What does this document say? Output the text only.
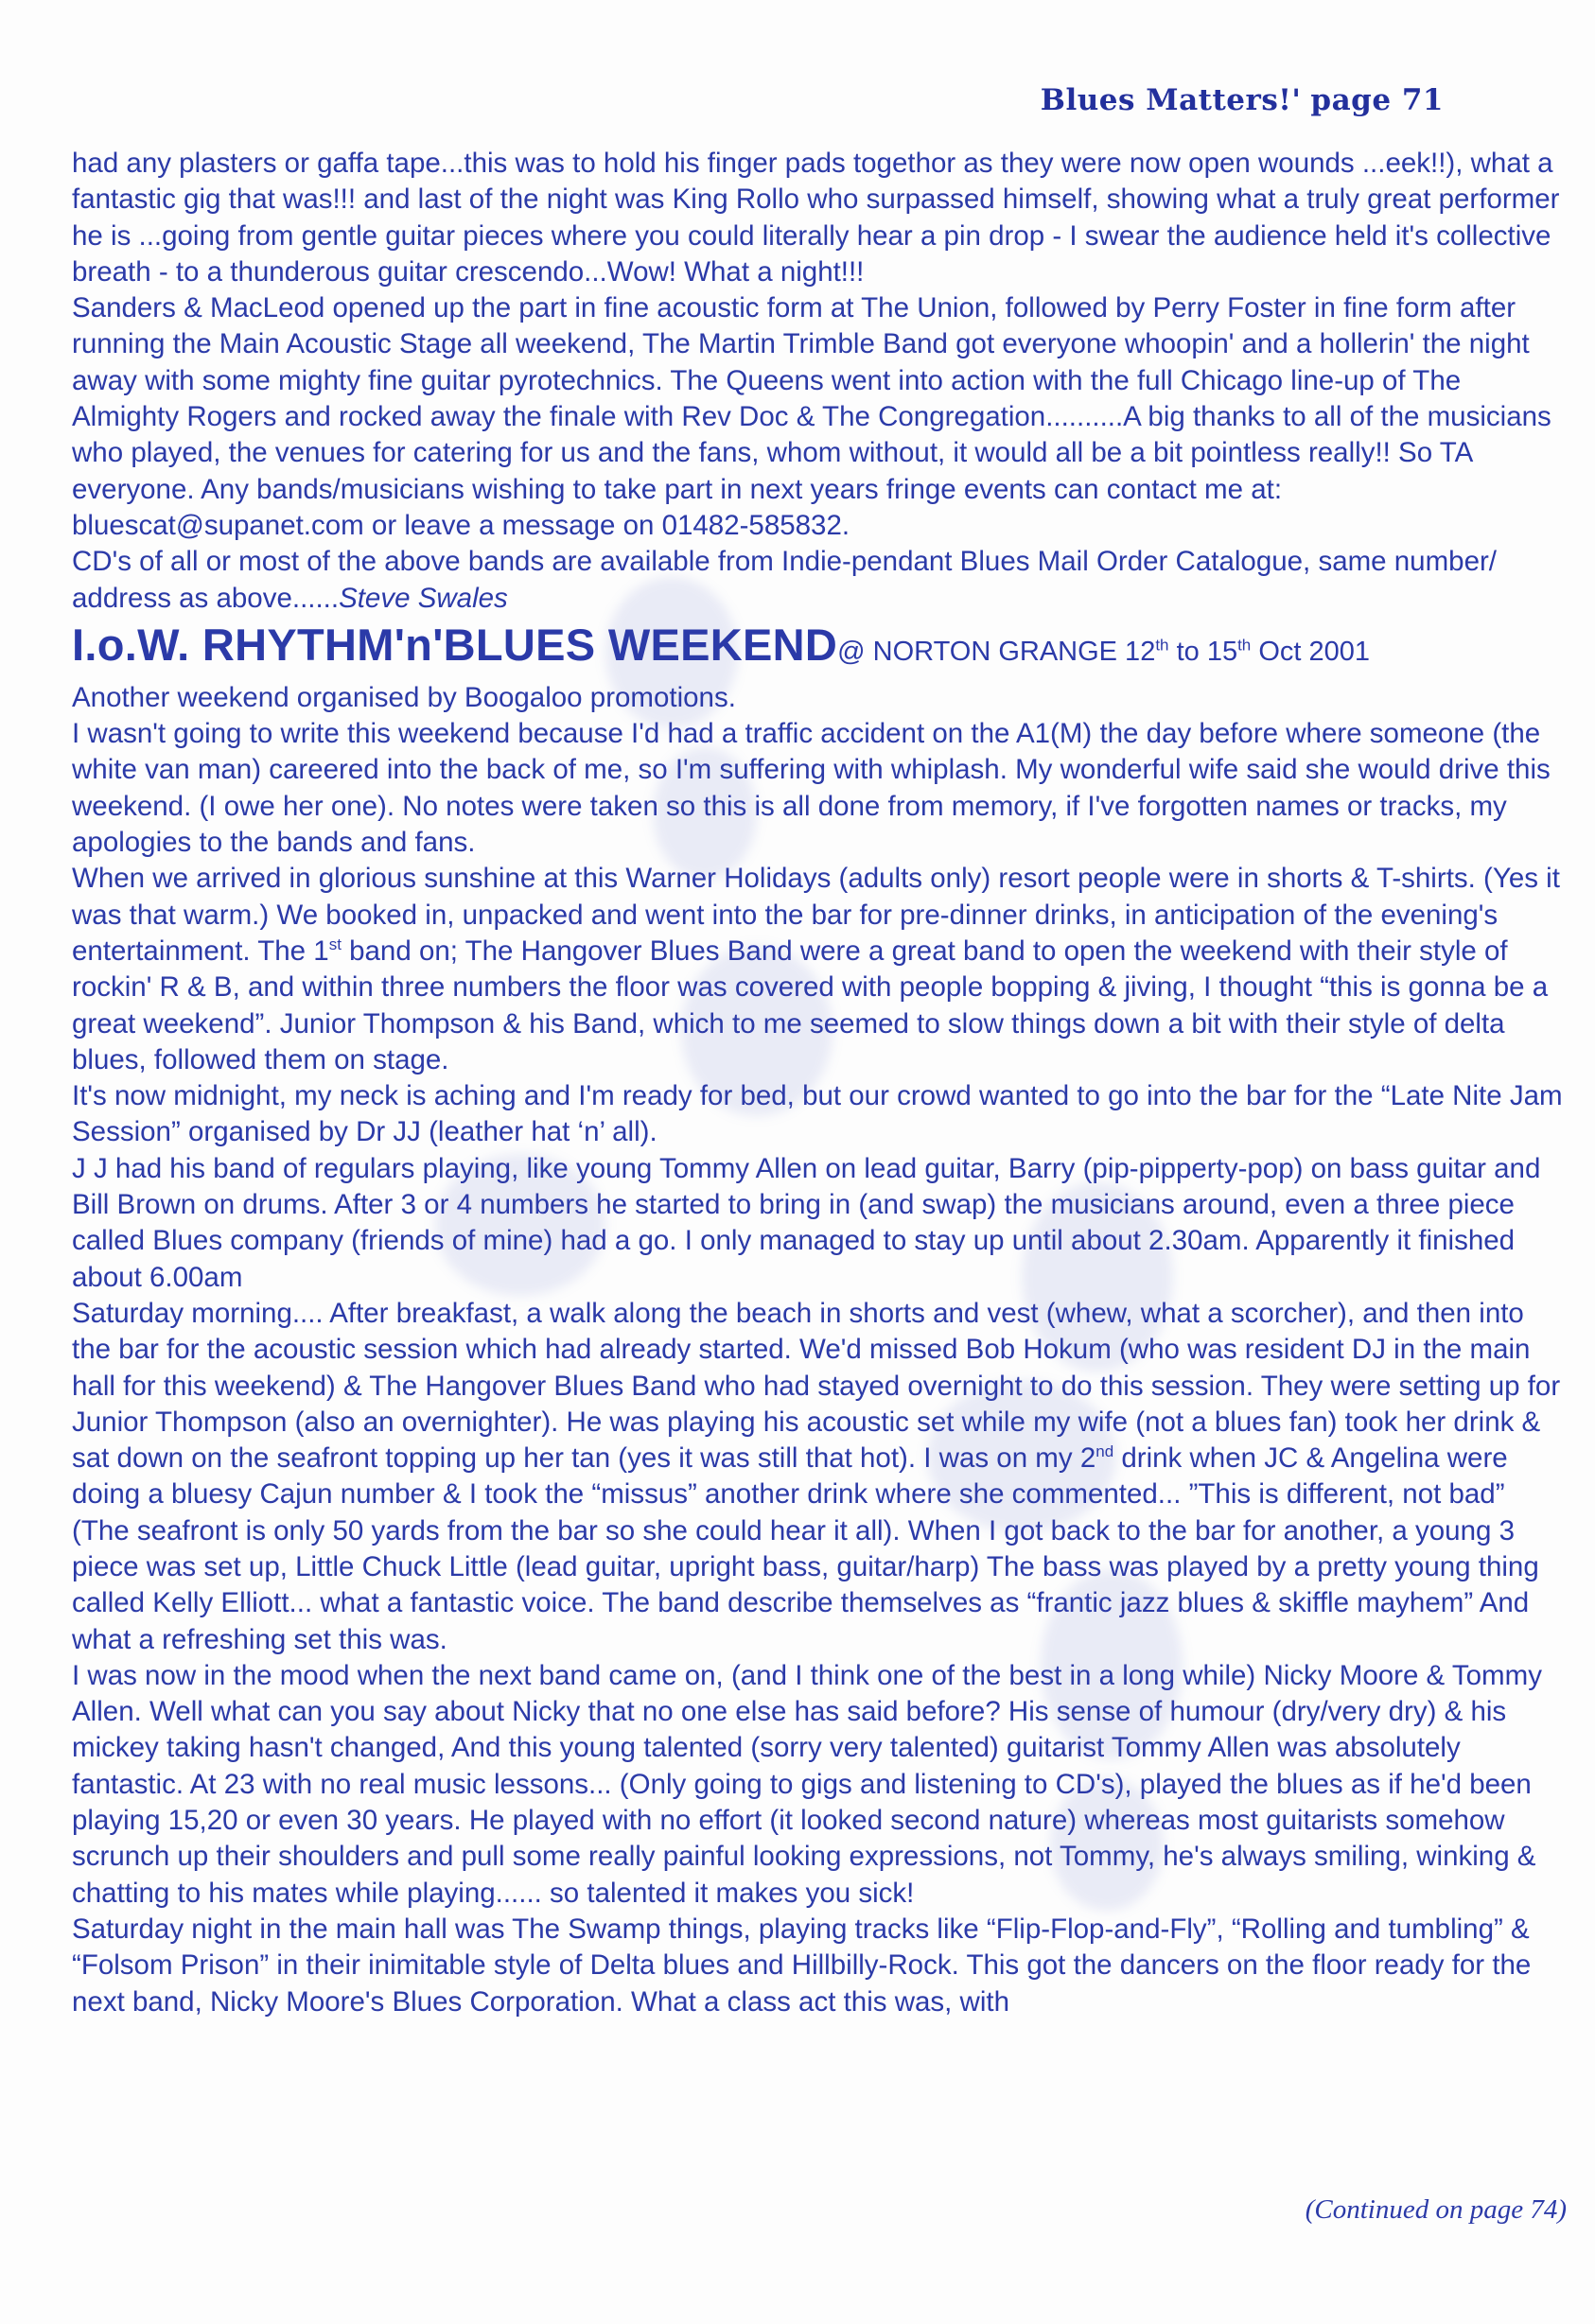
Blues Matters!' page 71

had any plasters or gaffa tape...this was to hold his finger pads togethor as they were now open wounds ...eek!!), what a fantastic gig that was!!! and last of the night was King Rollo who surpassed himself, showing what a truly great performer he is ...going from gentle guitar pieces where you could literally hear a pin drop - I swear the audience held it's collective breath - to a thunderous guitar crescendo...Wow! What a night!!!

Sanders & MacLeod opened up the part in fine acoustic form at The Union, followed by Perry Foster in fine form after running the Main Acoustic Stage all weekend, The Martin Trimble Band got everyone whoopin' and a hollerin' the night away with some mighty fine guitar pyrotechnics. The Queens went into action with the full Chicago line-up of The Almighty Rogers and rocked away the finale with Rev Doc & The Congregation..........A big thanks to all of the musicians who played, the venues for catering for us and the fans, whom without, it would all be a bit pointless really!! So TA everyone. Any bands/musicians wishing to take part in next years fringe events can contact me at: bluescat@supanet.com or leave a message on 01482-585832.

CD's of all or most of the above bands are available from Indie-pendant Blues Mail Order Catalogue, same number/ address as above......Steve Swales

I.o.W. RHYTHM'n'BLUES WEEKEND@ NORTON GRANGE 12th to 15th Oct 2001

Another weekend organised by Boogaloo promotions.

I wasn't going to write this weekend because I'd had a traffic accident on the A1(M) the day before where someone (the white van man) careered into the back of me, so I'm suffering with whiplash. My wonderful wife said she would drive this weekend. (I owe her one). No notes were taken so this is all done from memory, if I've forgotten names or tracks, my apologies to the bands and fans.

When we arrived in glorious sunshine at this Warner Holidays (adults only) resort people were in shorts & T-shirts. (Yes it was that warm.) We booked in, unpacked and went into the bar for pre-dinner drinks, in anticipation of the evening's entertainment. The 1st band on; The Hangover Blues Band were a great band to open the weekend with their style of rockin' R & B, and within three numbers the floor was covered with people bopping & jiving, I thought “this is gonna be a great weekend”. Junior Thompson & his Band, which to me seemed to slow things down a bit with their style of delta blues, followed them on stage.

It's now midnight, my neck is aching and I'm ready for bed, but our crowd wanted to go into the bar for the “Late Nite Jam Session” organised by Dr JJ (leather hat ‘n’ all).

J J had his band of regulars playing, like young Tommy Allen on lead guitar, Barry (pip-pipperty-pop) on bass guitar and Bill Brown on drums. After 3 or 4 numbers he started to bring in (and swap) the musicians around, even a three piece called Blues company (friends of mine) had a go. I only managed to stay up until about 2.30am. Apparently it finished about 6.00am

Saturday morning.... After breakfast, a walk along the beach in shorts and vest (whew, what a scorcher), and then into the bar for the acoustic session which had already started. We'd missed Bob Hokum (who was resident DJ in the main hall for this weekend) & The Hangover Blues Band who had stayed overnight to do this session. They were setting up for Junior Thompson (also an overnighter). He was playing his acoustic set while my wife (not a blues fan) took her drink & sat down on the seafront topping up her tan (yes it was still that hot). I was on my 2nd drink when JC & Angelina were doing a bluesy Cajun number & I took the “missus” another drink where she commented... ”This is different, not bad” (The seafront is only 50 yards from the bar so she could hear it all). When I got back to the bar for another, a young 3 piece was set up, Little Chuck Little (lead guitar, upright bass, guitar/harp) The bass was played by a pretty young thing called Kelly Elliott... what a fantastic voice. The band describe themselves as “frantic jazz blues & skiffle mayhem” And what a refreshing set this was.

I was now in the mood when the next band came on, (and I think one of the best in a long while) Nicky Moore & Tommy Allen. Well what can you say about Nicky that no one else has said before? His sense of humour (dry/very dry) & his mickey taking hasn't changed, And this young talented (sorry very talented) guitarist Tommy Allen was absolutely fantastic. At 23 with no real music lessons... (Only going to gigs and listening to CD's), played the blues as if he'd been playing 15,20 or even 30 years. He played with no effort (it looked second nature) whereas most guitarists somehow scrunch up their shoulders and pull some really painful looking expressions, not Tommy, he's always smiling, winking & chatting to his mates while playing...... so talented it makes you sick!

Saturday night in the main hall was The Swamp things, playing tracks like “Flip-Flop-and-Fly”, “Rolling and tumbling” & “Folsom Prison” in their inimitable style of Delta blues and Hillbilly-Rock. This got the dancers on the floor ready for the next band, Nicky Moore's Blues Corporation. What a class act this was, with

(Continued on page 74)
